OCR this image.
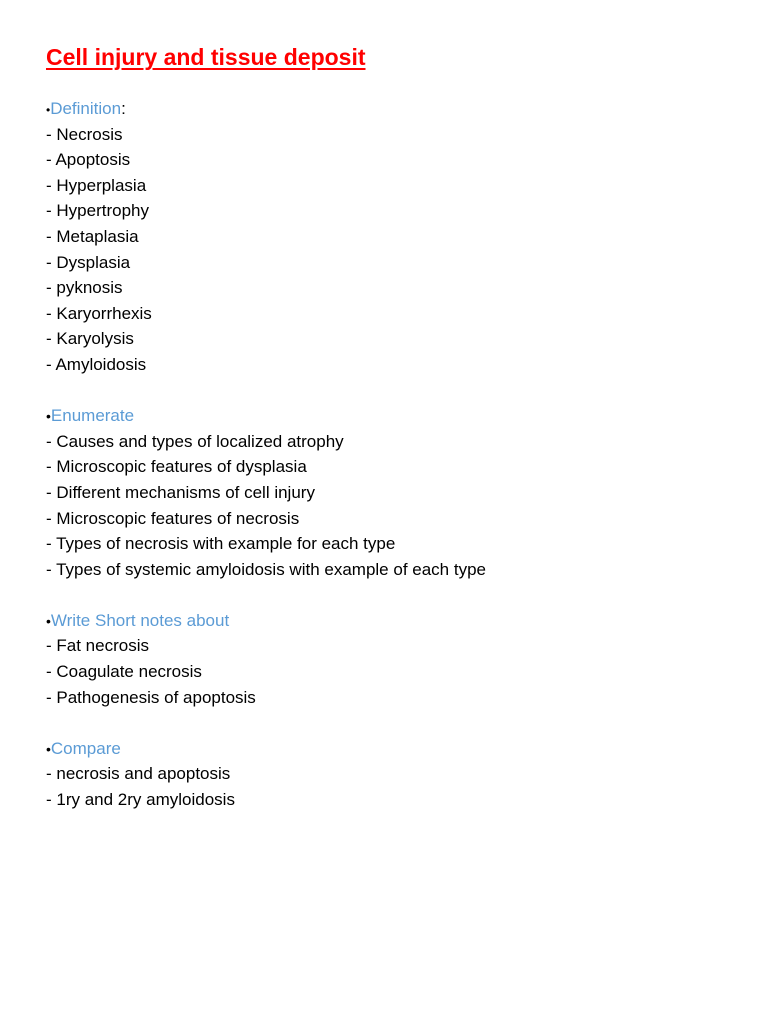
Cell injury and tissue deposit
•Definition:
- Necrosis
- Apoptosis
- Hyperplasia
- Hypertrophy
- Metaplasia
- Dysplasia
- pyknosis
- Karyorrhexis
- Karyolysis
- Amyloidosis
•Enumerate
- Causes and types of localized atrophy
- Microscopic features of dysplasia
- Different mechanisms of cell injury
- Microscopic features of necrosis
- Types of necrosis with example for each type
- Types of systemic amyloidosis with example of each type
•Write Short notes about
- Fat necrosis
- Coagulate necrosis
- Pathogenesis of apoptosis
•Compare
- necrosis and apoptosis
- 1ry and 2ry amyloidosis
